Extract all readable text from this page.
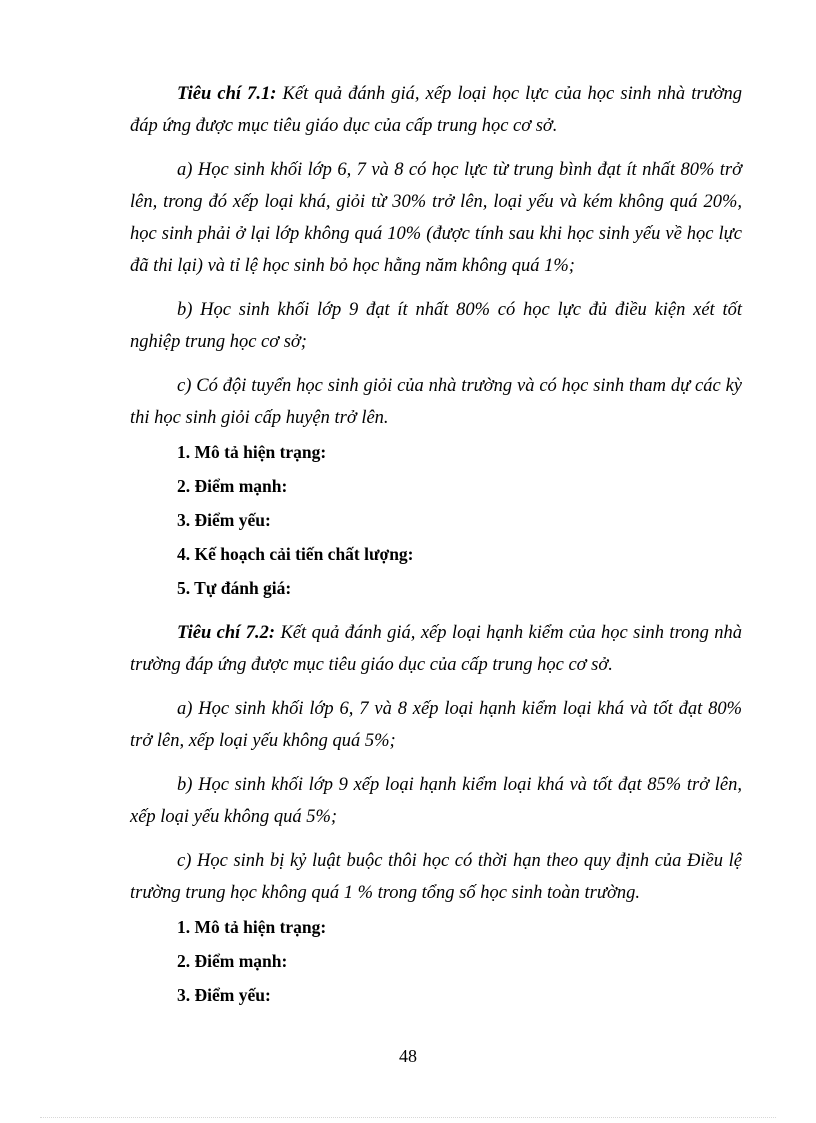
Tiêu chí 7.1: Kết quả đánh giá, xếp loại học lực của học sinh nhà trường đáp ứng được mục tiêu giáo dục của cấp trung học cơ sở.

a) Học sinh khối lớp 6, 7 và 8 có học lực từ trung bình đạt ít nhất 80% trở lên, trong đó xếp loại khá, giỏi từ 30% trở lên, loại yếu và kém không quá 20%, học sinh phải ở lại lớp không quá 10% (được tính sau khi học sinh yếu về học lực đã thi lại) và tỉ lệ học sinh bỏ học hằng năm không quá 1%;

b) Học sinh khối lớp 9 đạt ít nhất 80% có học lực đủ điều kiện xét tốt nghiệp trung học cơ sở;

c) Có đội tuyển học sinh giỏi của nhà trường và có học sinh tham dự các kỳ thi học sinh giỏi cấp huyện trở lên.

1. Mô tả hiện trạng:
2. Điểm mạnh:
3. Điểm yếu:
4. Kế hoạch cải tiến chất lượng:
5. Tự đánh giá:

Tiêu chí 7.2: Kết quả đánh giá, xếp loại hạnh kiểm của học sinh trong nhà trường đáp ứng được mục tiêu giáo dục của cấp trung học cơ sở.

a) Học sinh khối lớp 6, 7 và 8 xếp loại hạnh kiểm loại khá và tốt đạt 80% trở lên, xếp loại yếu không quá 5%;

b) Học sinh khối lớp 9 xếp loại hạnh kiểm loại khá và tốt đạt 85% trở lên, xếp loại yếu không quá 5%;

c) Học sinh bị kỷ luật buộc thôi học có thời hạn theo quy định của Điều lệ trường trung học không quá 1 % trong tổng số học sinh toàn trường.

1. Mô tả hiện trạng:
2. Điểm mạnh:
3. Điểm yếu:
48
